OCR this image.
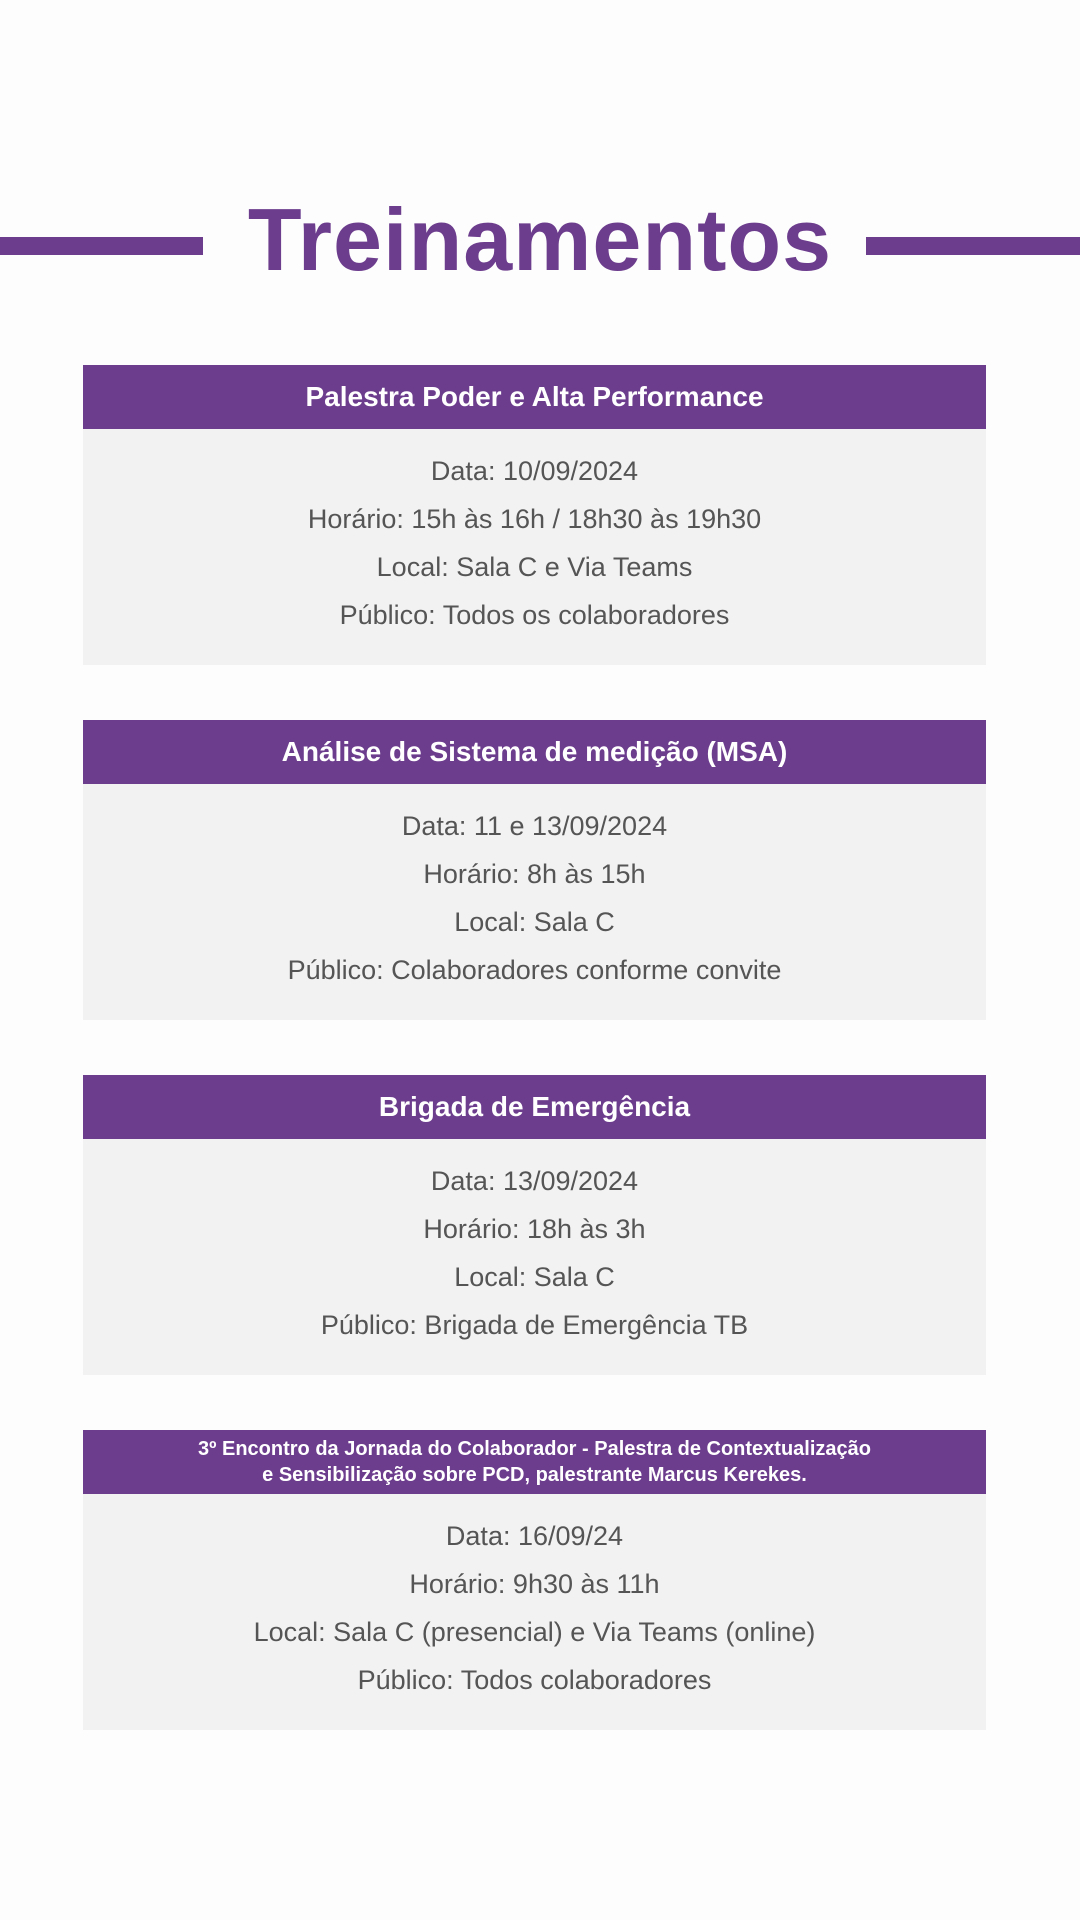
Treinamentos
Palestra Poder e Alta Performance
Data: 10/09/2024
Horário: 15h às 16h / 18h30 às 19h30
Local: Sala C e Via Teams
Público: Todos os colaboradores
Análise de Sistema de medição (MSA)
Data: 11 e 13/09/2024
Horário: 8h às 15h
Local: Sala C
Público: Colaboradores conforme convite
Brigada de Emergência
Data: 13/09/2024
Horário: 18h às 3h
Local: Sala C
Público: Brigada de Emergência TB
3º Encontro da Jornada do Colaborador - Palestra de Contextualização
e Sensibilização sobre PCD, palestrante Marcus Kerekes.
Data: 16/09/24
Horário: 9h30 às 11h
Local: Sala C (presencial) e Via Teams (online)
Público: Todos colaboradores
